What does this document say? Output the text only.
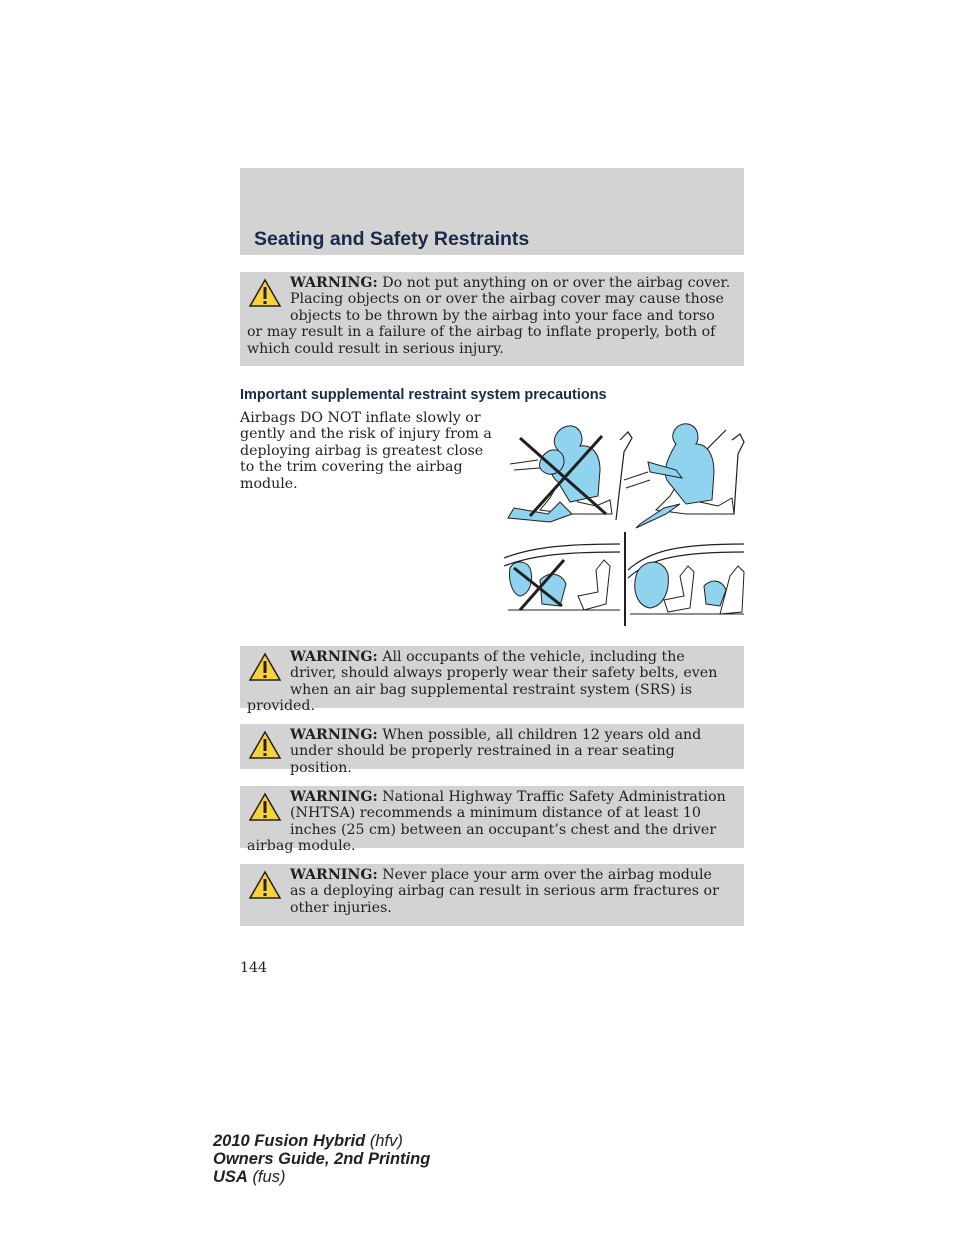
Seating and Safety Restraints
WARNING: Do not put anything on or over the airbag cover. Placing objects on or over the airbag cover may cause those objects to be thrown by the airbag into your face and torso or may result in a failure of the airbag to inflate properly, both of which could result in serious injury.
Important supplemental restraint system precautions

Airbags DO NOT inflate slowly or gently and the risk of injury from a deploying airbag is greatest close to the trim covering the airbag module.

WARNING: All occupants of the vehicle, including the driver, should always properly wear their safety belts, even when an air bag supplemental restraint system (SRS) is provided.
WARNING: When possible, all children 12 years old and under should be properly restrained in a rear seating position.
WARNING: National Highway Traffic Safety Administration (NHTSA) recommends a minimum distance of at least 10 inches (25 cm) between an occupant’s chest and the driver airbag module.
WARNING: Never place your arm over the airbag module as a deploying airbag can result in serious arm fractures or other injuries.
144
2010 Fusion Hybrid (hfv)
Owners Guide, 2nd Printing
USA (fus)
